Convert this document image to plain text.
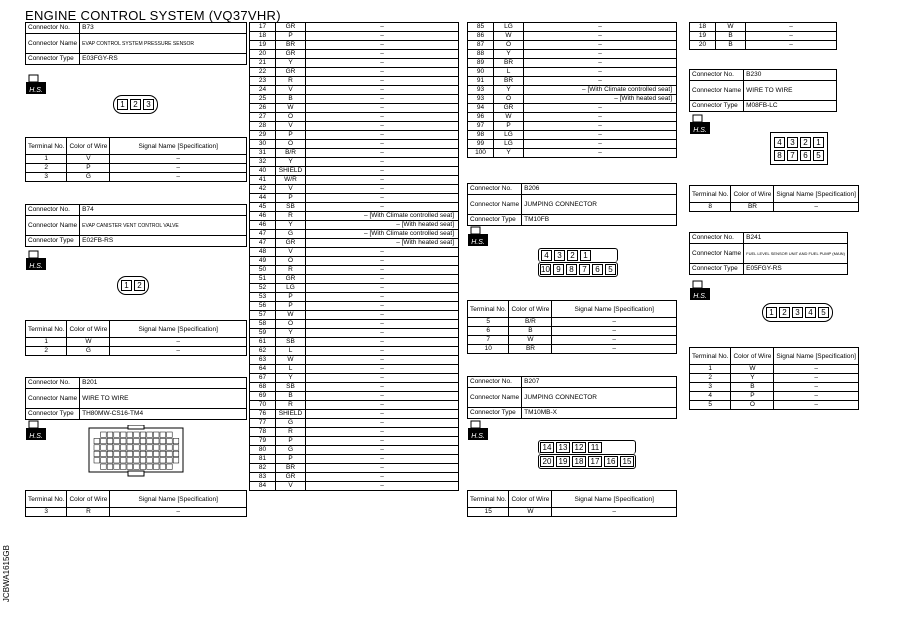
ENGINE CONTROL SYSTEM (VQ37VHR)
JCBWA1615GB
Connector No.	B73
Connector Name	EVAP CONTROL SYSTEM PRESSURE SENSOR
Connector Type	E03FGY-RS
H.S.
1	2	3
Terminal No.	Color of Wire	Signal Name [Specification]
1	V	–
2	P	–
3	G	–
Connector No.	B74
Connector Name	EVAP CANISTER VENT CONTROL VALVE
Connector Type	E02FB-RS
H.S.
1	2
Terminal No.	Color of Wire	Signal Name [Specification]
1	W	–
2	G	–
Connector No.	B201
Connector Name	WIRE TO WIRE
Connector Type	TH80MW-CS16-TM4
H.S.
Terminal No.	Color of Wire	Signal Name [Specification]
3	R	–
17	GR	–
18	P	–
19	BR	–
20	GR	–
21	Y	–
22	GR	–
23	R	–
24	V	–
25	B	–
26	W	–
27	O	–
28	V	–
29	P	–
30	O	–
31	B/R	–
32	Y	–
40	SHIELD	–
41	W/R	–
42	V	–
44	P	–
45	SB	–
46	R	– [With Climate controlled seat]
46	Y	– [With heated seat]
47	G	– [With Climate controlled seat]
47	GR	– [With heated seat]
48	V	–
49	O	–
50	R	–
51	GR	–
52	LG	–
53	P	–
56	P	–
57	W	–
58	O	–
59	Y	–
61	SB	–
62	L	–
63	W	–
64	L	–
67	Y	–
68	SB	–
69	B	–
70	R	–
76	SHIELD	–
77	G	–
78	R	–
79	P	–
80	G	–
81	P	–
82	BR	–
83	GR	–
84	V	–
85	LG	–
86	W	–
87	O	–
88	Y	–
89	BR	–
90	L	–
91	BR	–
93	Y	– [With Climate controlled seat]
93	O	– [With heated seat]
94	GR	–
96	W	–
97	P	–
98	LG	–
99	LG	–
100	Y	–
Connector No.	B206
Connector Name	JUMPING CONNECTOR
Connector Type	TM10FB
H.S.
4	3	2	1
10 9	8	7	6	5
Terminal No.	Color of Wire	Signal Name [Specification]
5	B/R	–
6	B	–
7	W	–
10	BR	–
Connector No.	B207
Connector Name	JUMPING CONNECTOR
Connector Type	TM10MB-X
H.S.
14 13 12 11
20 19 18 17 16 15
Terminal No.	Color of Wire	Signal Name [Specification]
15	W	–
18	W	–
19	B	–
20	B	–
Connector No.	B230
Connector Name	WIRE TO WIRE
Connector Type	M08FB-LC
H.S.
4	3	2	1
8	7	6	5
Terminal No.	Color of Wire	Signal Name [Specification]
8	BR	–
Connector No.	B241
Connector Name	FUEL LEVEL SENSOR UNIT AND FUEL PUMP (MAIN)
Connector Type	E05FGY-RS
H.S.
1	2	3	4	5
Terminal No.	Color of Wire	Signal Name [Specification]
1	W	–
2	Y	–
3	B	–
4	P	–
5	O	–
